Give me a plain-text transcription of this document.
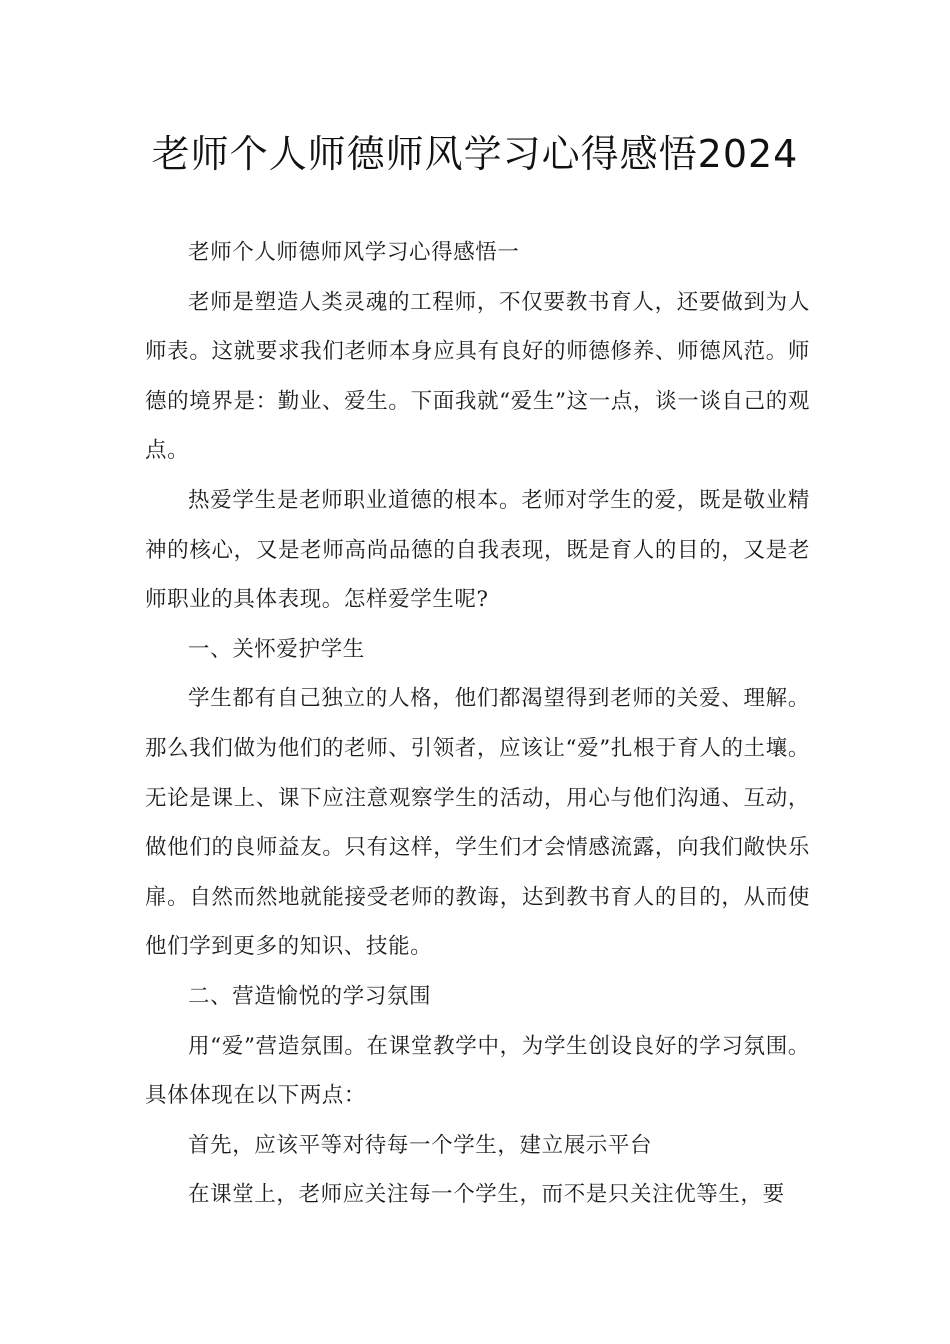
老师个人师德师风学习心得感悟2024

老师个人师德师风学习心得感悟一

老师是塑造人类灵魂的工程师，不仅要教书育人，还要做到为人师表。这就要求我们老师本身应具有良好的师德修养、师德风范。师德的境界是：勤业、爱生。下面我就“爱生”这一点，谈一谈自己的观点。

热爱学生是老师职业道德的根本。老师对学生的爱，既是敬业精神的核心，又是老师高尚品德的自我表现，既是育人的目的，又是老师职业的具体表现。怎样爱学生呢?

一、关怀爱护学生

学生都有自己独立的人格，他们都渴望得到老师的关爱、理解。那么我们做为他们的老师、引领者，应该让“爱”扎根于育人的土壤。无论是课上、课下应注意观察学生的活动，用心与他们沟通、互动，做他们的良师益友。只有这样，学生们才会情感流露，向我们敞快乐扉。自然而然地就能接受老师的教诲，达到教书育人的目的，从而使他们学到更多的知识、技能。

二、营造愉悦的学习氛围

用“爱”营造氛围。在课堂教学中，为学生创设良好的学习氛围。具体体现在以下两点：

首先，应该平等对待每一个学生，建立展示平台

在课堂上，老师应关注每一个学生，而不是只关注优等生，要
